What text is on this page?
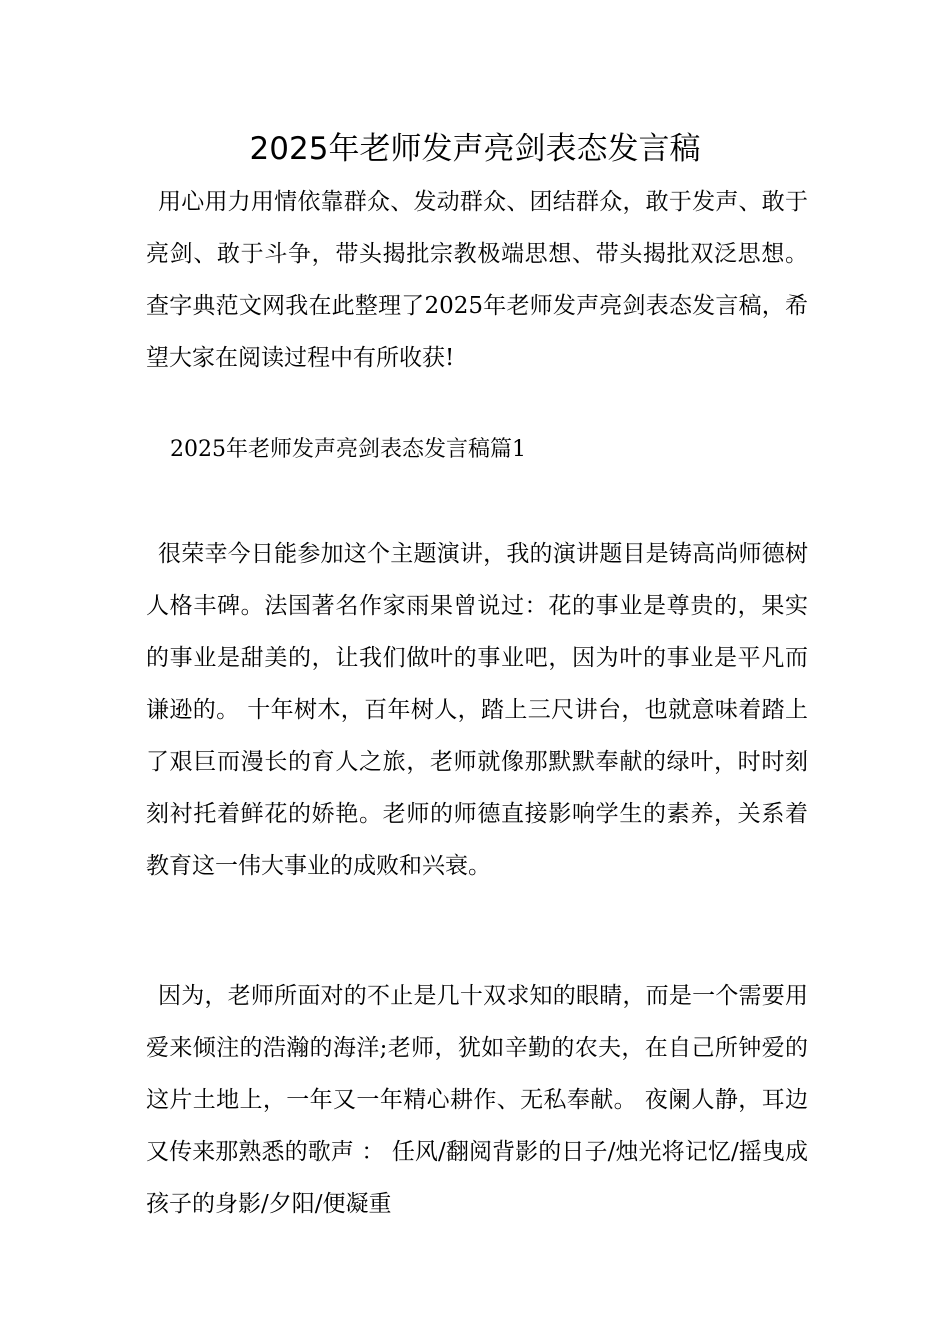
2025年老师发声亮剑表态发言稿

用心用力用情依靠群众、发动群众、团结群众，敢于发声、敢于亮剑、敢于斗争，带头揭批宗教极端思想、带头揭批双泛思想。查字典范文网我在此整理了2025年老师发声亮剑表态发言稿，希望大家在阅读过程中有所收获!

2025年老师发声亮剑表态发言稿篇1

很荣幸今日能参加这个主题演讲，我的演讲题目是铸高尚师德树人格丰碑。法国著名作家雨果曾说过：花的事业是尊贵的，果实的事业是甜美的，让我们做叶的事业吧，因为叶的事业是平凡而谦逊的。 十年树木，百年树人，踏上三尺讲台，也就意味着踏上了艰巨而漫长的育人之旅，老师就像那默默奉献的绿叶，时时刻刻衬托着鲜花的娇艳。老师的师德直接影响学生的素养，关系着教育这一伟大事业的成败和兴衰。

因为，老师所面对的不止是几十双求知的眼睛，而是一个需要用爱来倾注的浩瀚的海洋;老师，犹如辛勤的农夫，在自己所钟爱的这片土地上，一年又一年精心耕作、无私奉献。 夜阑人静，耳边又传来那熟悉的歌声 ： 任风/翻阅背影的日子/烛光将记忆/摇曳成孩子的身影/夕阳/便凝重
